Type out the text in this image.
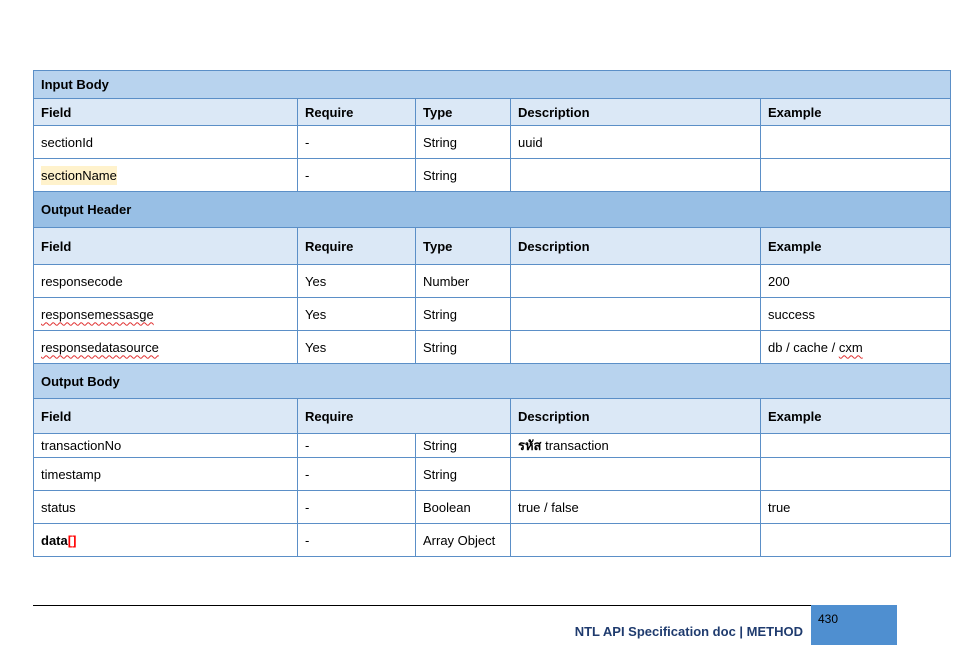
Input Body				
Field	Require	Type	Description	Example
sectionId	-	String	uuid	
sectionName	-	String		
Output Header				
Field	Require	Type	Description	Example
responsecode	Yes	Number		200
responsemessasge	Yes	String		success
responsedatasource	Yes	String		db / cache / cxm
Output Body				
Field	Require		Description	Example
transactionNo	-	String	รหัส transaction	
timestamp	-	String		
status	-	Boolean	true / false	true
data[]	-	Array Object		
NTL API Specification doc | METHOD
430
